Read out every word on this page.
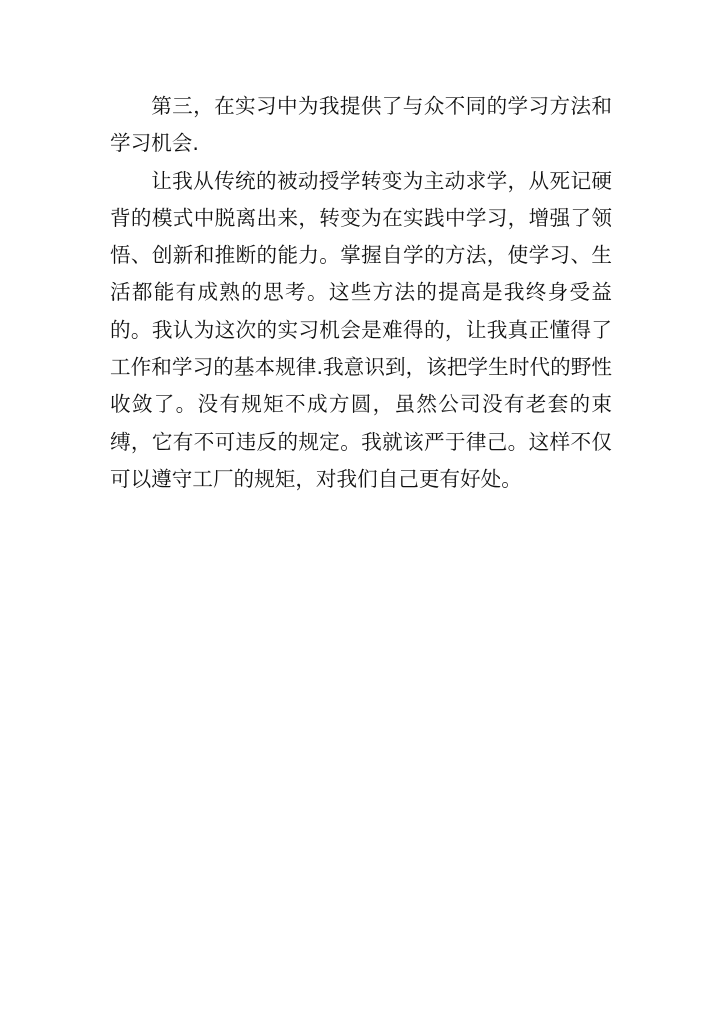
第三，在实习中为我提供了与众不同的学习方法和学习机会.

让我从传统的被动授学转变为主动求学，从死记硬背的模式中脱离出来，转变为在实践中学习，增强了领悟、创新和推断的能力。掌握自学的方法，使学习、生活都能有成熟的思考。这些方法的提高是我终身受益的。我认为这次的实习机会是难得的，让我真正懂得了工作和学习的基本规律.我意识到，该把学生时代的野性收敛了。没有规矩不成方圆，虽然公司没有老套的束缚，它有不可违反的规定。我就该严于律己。这样不仅可以遵守工厂的规矩，对我们自己更有好处。
